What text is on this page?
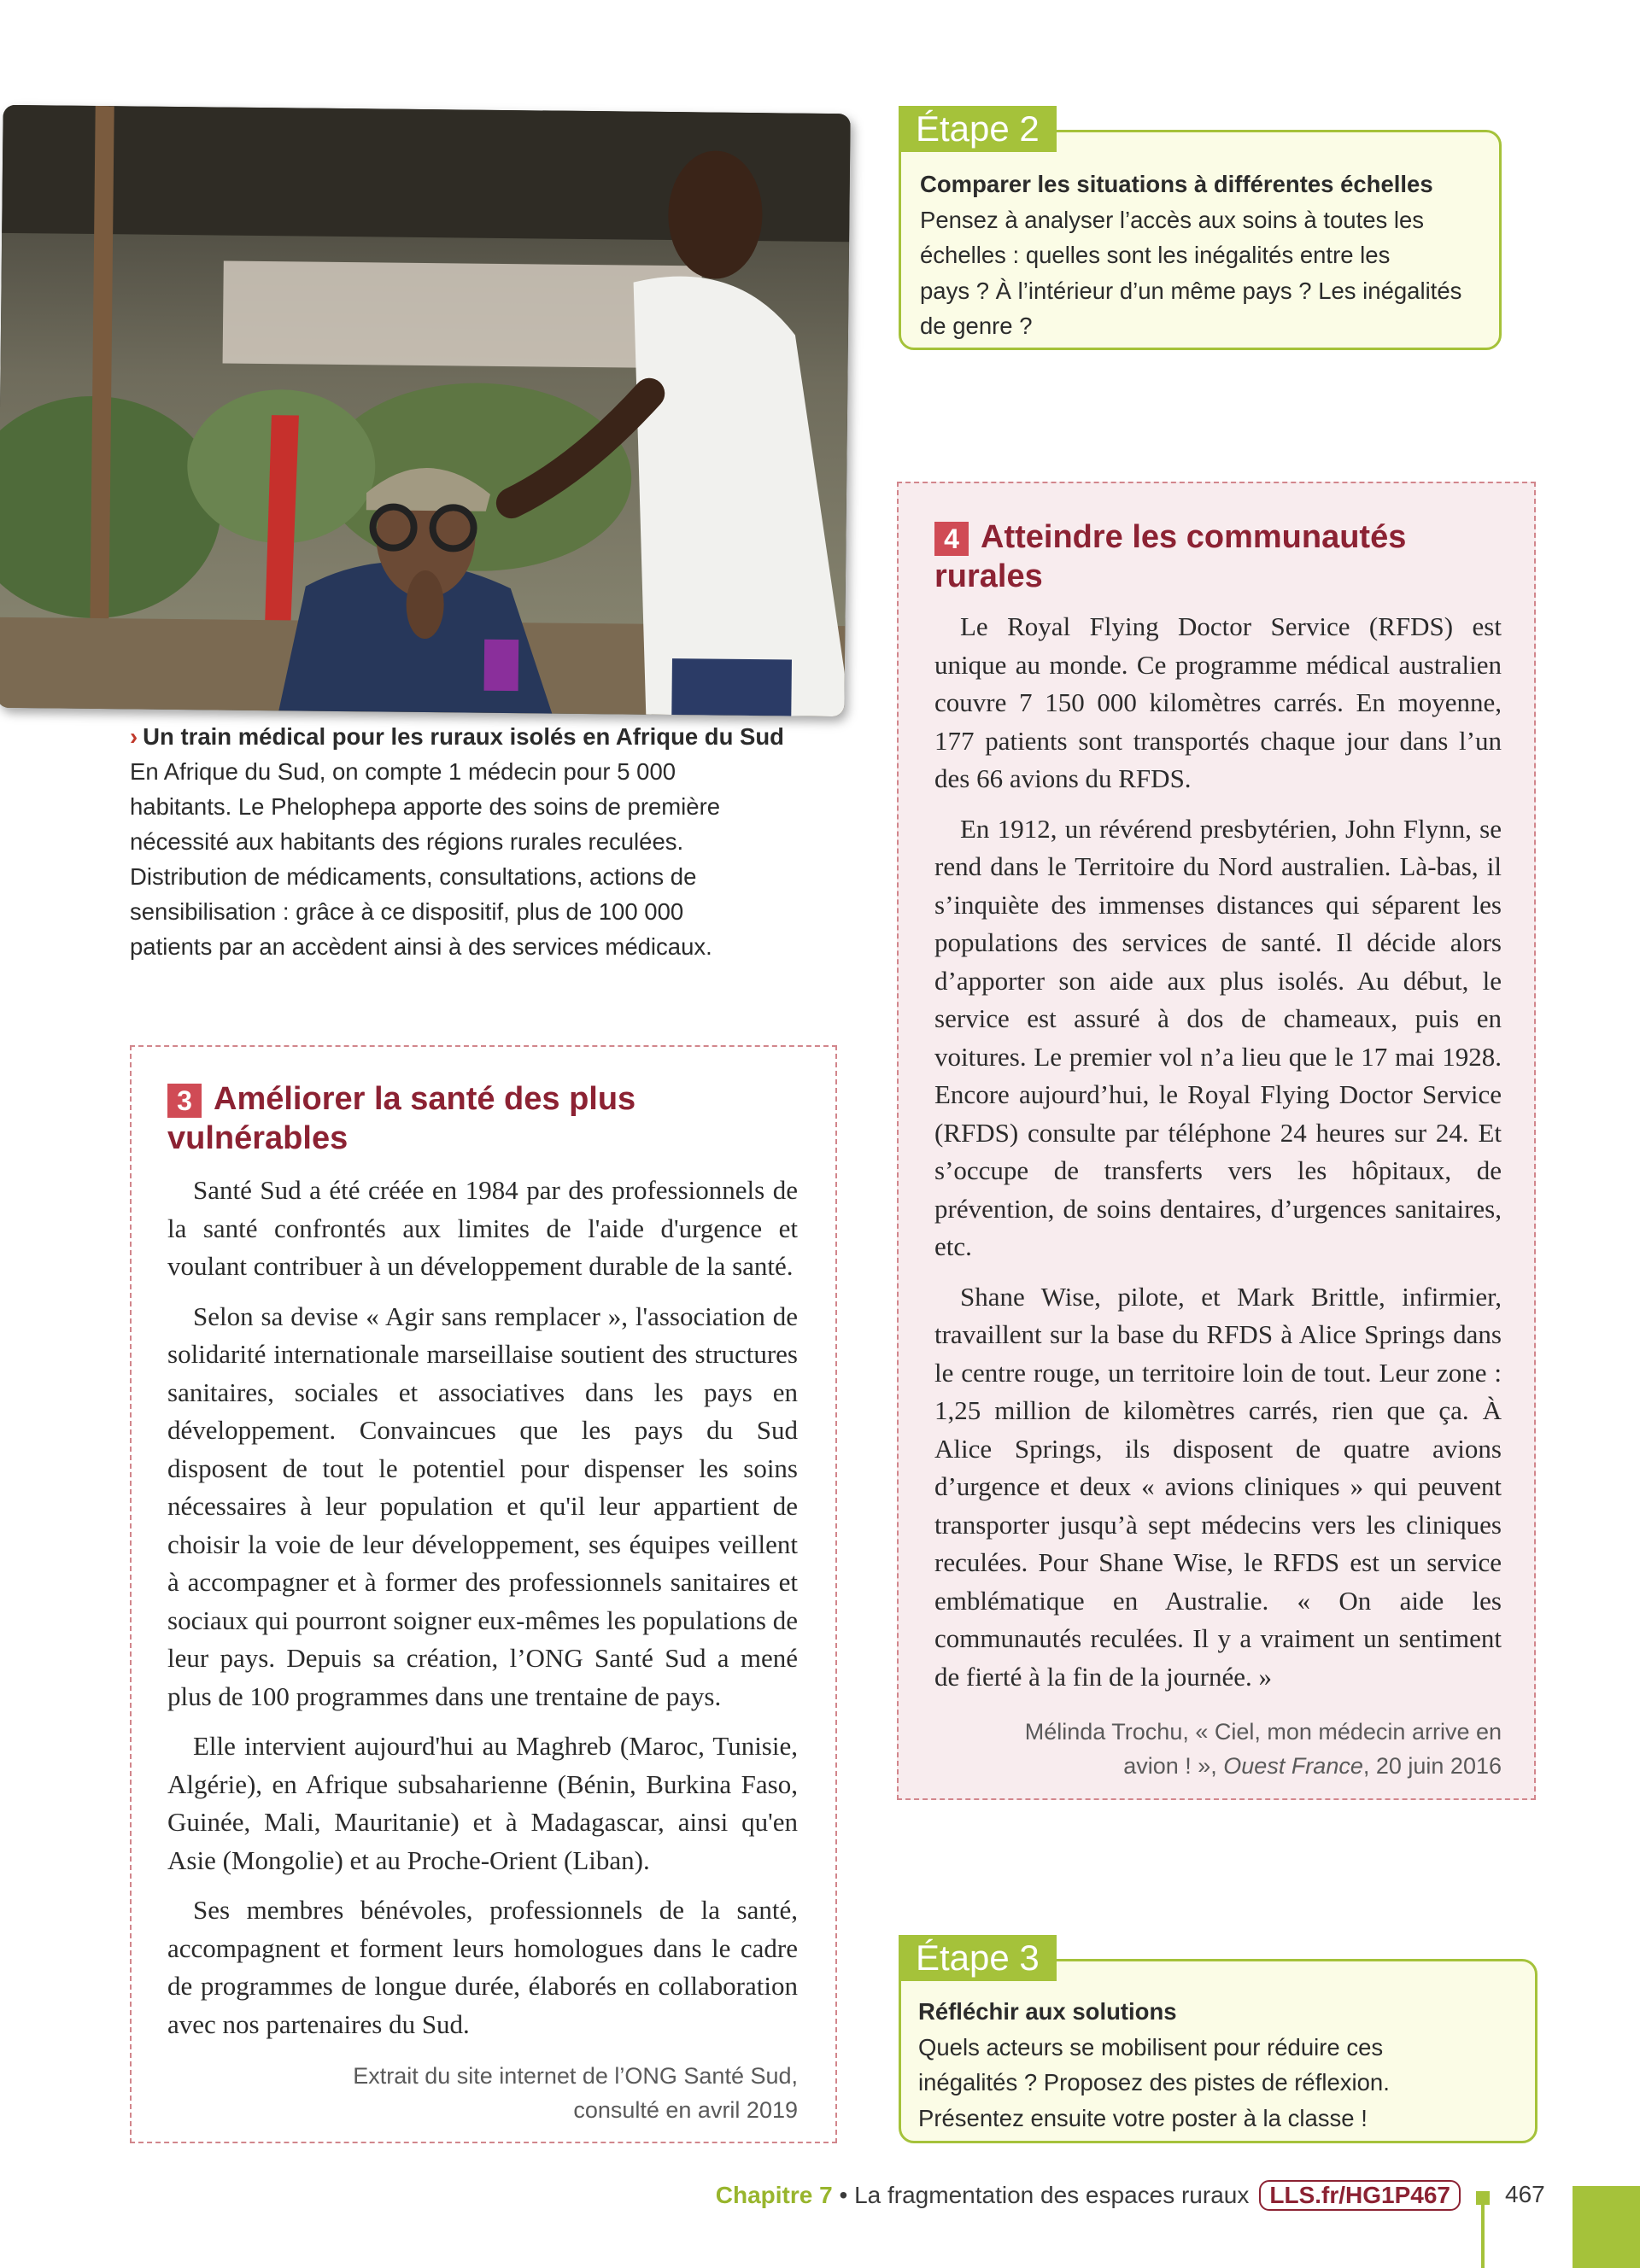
› Un train médical pour les ruraux isolés en Afrique du Sud
En Afrique du Sud, on compte 1 médecin pour 5 000
habitants. Le Phelophepa apporte des soins de première
nécessité aux habitants des régions rurales reculées.
Distribution de médicaments, consultations, actions de
sensibilisation : grâce à ce dispositif, plus de 100 000
patients par an accèdent ainsi à des services médicaux.
Étape 2
Comparer les situations à différentes échelles
Pensez à analyser l’accès aux soins à toutes les
échelles : quelles sont les inégalités entre les
pays ? À l’intérieur d’un même pays ? Les inégalités
de genre ?
4 Atteindre les communautés rurales

Le Royal Flying Doctor Service (RFDS) est unique au monde. Ce programme médical australien couvre 7 150 000 kilomètres carrés. En moyenne, 177 patients sont transportés chaque jour dans l’un des 66 avions du RFDS.

En 1912, un révérend presbytérien, John Flynn, se rend dans le Territoire du Nord australien. Là-bas, il s’inquiète des immenses distances qui séparent les populations des services de santé. Il décide alors d’apporter son aide aux plus isolés. Au début, le service est assuré à dos de chameaux, puis en voitures. Le premier vol n’a lieu que le 17 mai 1928. Encore aujourd’hui, le Royal Flying Doctor Service (RFDS) consulte par téléphone 24 heures sur 24. Et s’occupe de transferts vers les hôpitaux, de prévention, de soins dentaires, d’urgences sanitaires, etc.

Shane Wise, pilote, et Mark Brittle, infirmier, travaillent sur la base du RFDS à Alice Springs dans le centre rouge, un territoire loin de tout. Leur zone : 1,25 million de kilomètres carrés, rien que ça. À Alice Springs, ils disposent de quatre avions d’urgence et deux « avions cliniques » qui peuvent transporter jusqu’à sept médecins vers les cliniques reculées. Pour Shane Wise, le RFDS est un service emblématique en Australie. « On aide les communautés reculées. Il y a vraiment un sentiment de fierté à la fin de la journée. »

Mélinda Trochu, « Ciel, mon médecin arrive en
avion ! », Ouest France, 20 juin 2016
3 Améliorer la santé des plus vulnérables

Santé Sud a été créée en 1984 par des professionnels de la santé confrontés aux limites de l'aide d'urgence et voulant contribuer à un développement durable de la santé.

Selon sa devise « Agir sans remplacer », l'association de solidarité internationale marseillaise soutient des structures sanitaires, sociales et associatives dans les pays en développement. Convaincues que les pays du Sud disposent de tout le potentiel pour dispenser les soins nécessaires à leur population et qu'il leur appartient de choisir la voie de leur développement, ses équipes veillent à accompagner et à former des professionnels sanitaires et sociaux qui pourront soigner eux-mêmes les populations de leur pays. Depuis sa création, l’ONG Santé Sud a mené plus de 100 programmes dans une trentaine de pays.

Elle intervient aujourd'hui au Maghreb (Maroc, Tunisie, Algérie), en Afrique subsaharienne (Bénin, Burkina Faso, Guinée, Mali, Mauritanie) et à Madagascar, ainsi qu'en Asie (Mongolie) et au Proche-Orient (Liban).

Ses membres bénévoles, professionnels de la santé, accompagnent et forment leurs homologues dans le cadre de programmes de longue durée, élaborés en collaboration avec nos partenaires du Sud.

Extrait du site internet de l’ONG Santé Sud,
consulté en avril 2019
Étape 3
Réfléchir aux solutions
Quels acteurs se mobilisent pour réduire ces
inégalités ? Proposez des pistes de réflexion.
Présentez ensuite votre poster à la classe !
Chapitre 7 • La fragmentation des espaces ruraux LLS.fr/HG1P467	467
